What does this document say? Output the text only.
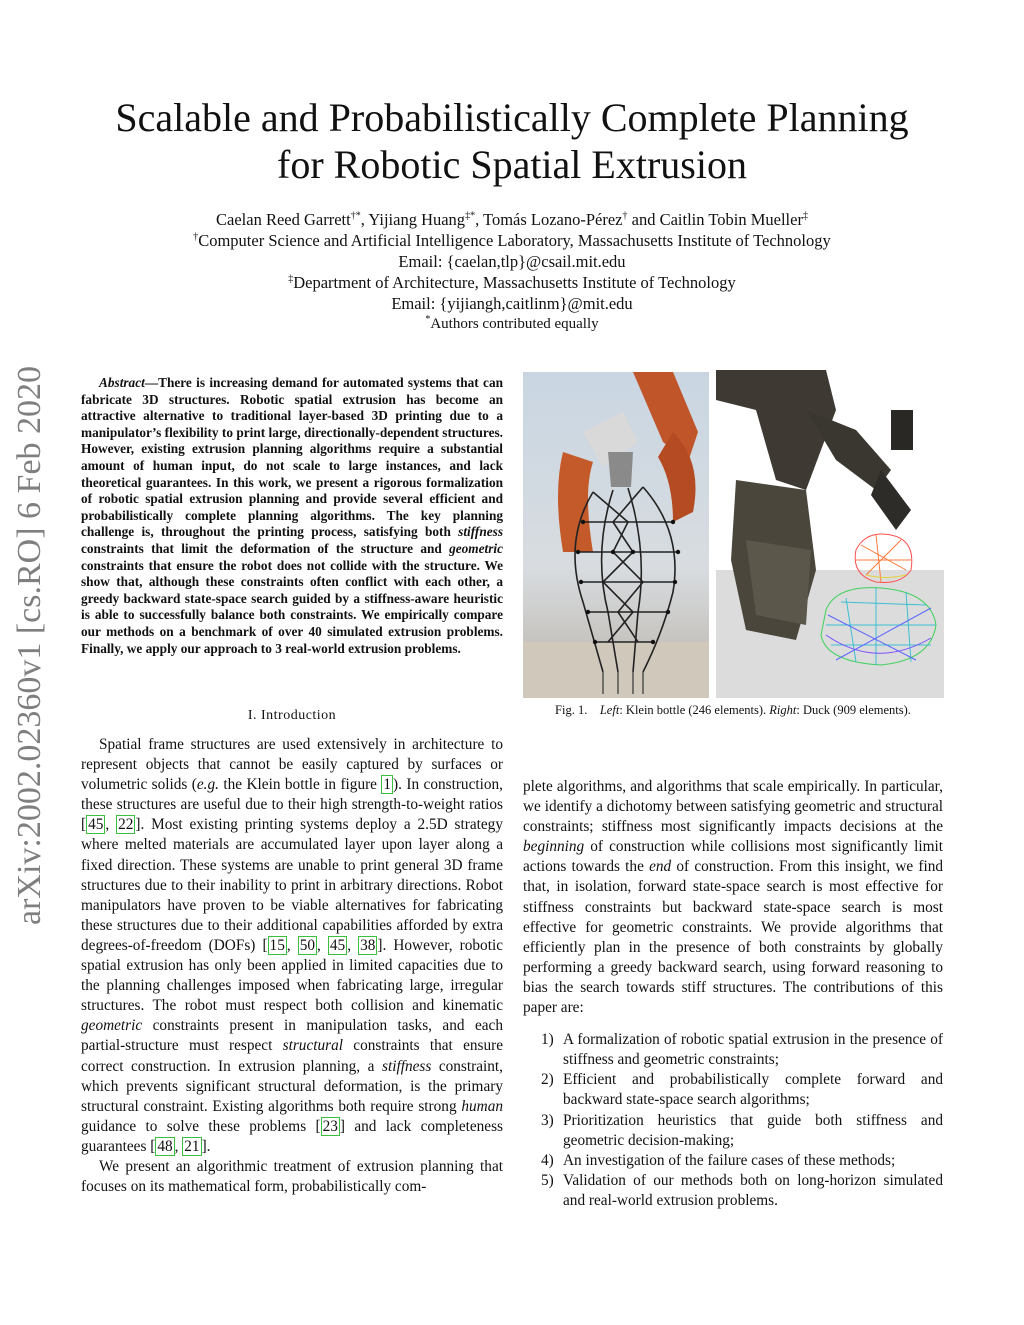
Scalable and Probabilistically Complete Planning
for Robotic Spatial Extrusion
Caelan Reed Garrett†*, Yijiang Huang‡*, Tomás Lozano-Pérez† and Caitlin Tobin Mueller‡
†Computer Science and Artificial Intelligence Laboratory, Massachusetts Institute of Technology
Email: {caelan,tlp}@csail.mit.edu
‡Department of Architecture, Massachusetts Institute of Technology
Email: {yijiangh,caitlinm}@mit.edu
*Authors contributed equally
arXiv:2002.02360v1 [cs.RO] 6 Feb 2020	Abstract—There is increasing demand for automated systems that can fabricate 3D structures. Robotic spatial extrusion has become an attractive alternative to traditional layer-based 3D printing due to a manipulator’s flexibility to print large, directionally-dependent structures. However, existing extrusion planning algorithms require a substantial amount of human input, do not scale to large instances, and lack theoretical guarantees. In this work, we present a rigorous formalization of robotic spatial extrusion planning and provide several efficient and probabilistically complete planning algorithms. The key planning challenge is, throughout the printing process, satisfying both stiffness constraints that limit the deformation of the structure and geometric constraints that ensure the robot does not collide with the structure. We show that, although these constraints often conflict with each other, a greedy backward state-space search guided by a stiffness-aware heuristic is able to successfully balance both constraints. We empirically compare our methods on a benchmark of over 40 simulated extrusion problems. Finally, we apply our approach to 3 real-world extrusion problems.
I. Introduction

Spatial frame structures are used extensively in architecture to represent objects that cannot be easily captured by surfaces or volumetric solids (e.g. the Klein bottle in figure 1 ). In construction, these structures are useful due to their high strength-to-weight ratios [ 45 , 22 ]. Most existing printing systems deploy a 2.5D strategy where melted materials are accumulated layer upon layer along a fixed direction. These systems are unable to print general 3D frame structures due to their inability to print in arbitrary directions. Robot manipulators have proven to be viable alternatives for fabricating these structures due to their additional capabilities afforded by extra degrees-of-freedom (DOFs) [ 15 , 50 , 45 , 38 ]. However, robotic spatial extrusion has only been applied in limited capacities due to the planning challenges imposed when fabricating large, irregular structures. The robot must respect both collision and kinematic geometric constraints present in manipulation tasks, and each partial-structure must respect structural constraints that ensure correct construction. In extrusion planning, a stiffness constraint, which prevents significant structural deformation, is the primary structural constraint. Existing algorithms both require strong human guidance to solve these problems [ 23 ] and lack completeness guarantees [ 48 , 21 ].

We present an algorithmic treatment of extrusion planning that focuses on its mathematical form, probabilistically com-

Fig. 1. Left: Klein bottle (246 elements). Right: Duck (909 elements).

plete algorithms, and algorithms that scale empirically. In particular, we identify a dichotomy between satisfying geometric and structural constraints; stiffness most significantly impacts decisions at the beginning of construction while collisions most significantly limit actions towards the end of construction. From this insight, we find that, in isolation, forward state-space search is most effective for stiffness constraints but backward state-space search is most effective for geometric constraints. We provide algorithms that efficiently plan in the presence of both constraints by globally performing a greedy backward search, using forward reasoning to bias the search towards stiff structures. The contributions of this paper are:

1) A formalization of robotic spatial extrusion in the presence of stiffness and geometric constraints;
2) Efficient and probabilistically complete forward and backward state-space search algorithms;
3) Prioritization heuristics that guide both stiffness and geometric decision-making;
4) An investigation of the failure cases of these methods;
5) Validation of our methods both on long-horizon simulated and real-world extrusion problems.
